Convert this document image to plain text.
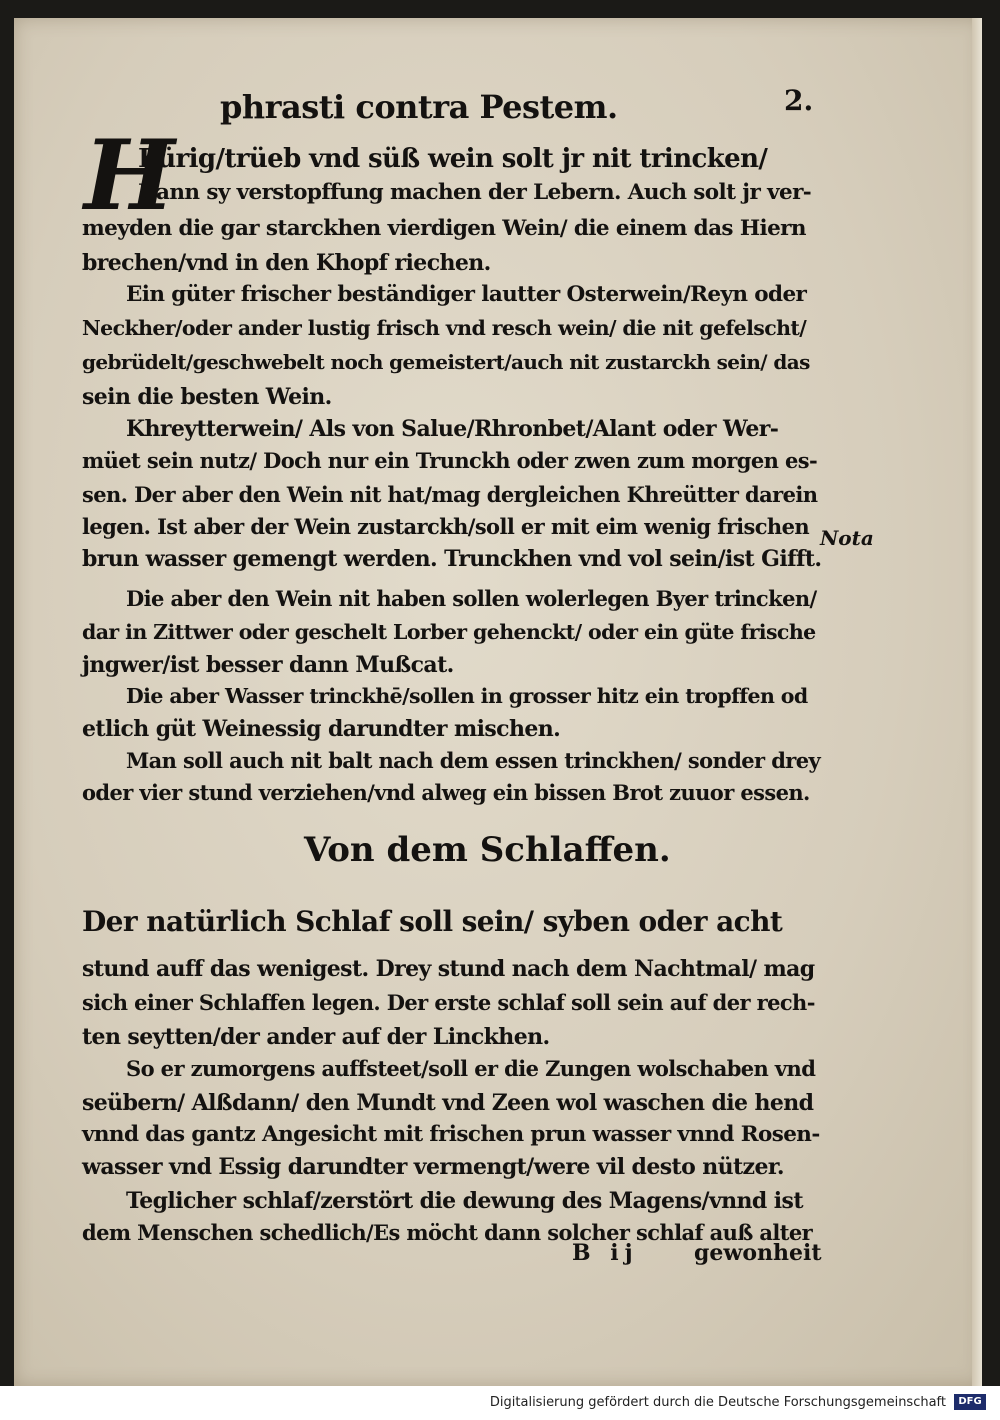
phrasti contra Pestem.	2.
H
Eürig/trüeb vnd süß wein solt jr nit trincken/
Dann sy verstopffung machen der Lebern. Auch solt jr ver-
meyden die gar starckhen vierdigen Wein/ die einem das Hiern
brechen/vnd in den Khopf riechen.
Ein güter frischer beständiger lautter Osterwein/Reyn oder
Neckher/oder ander lustig frisch vnd resch wein/ die nit gefelscht/
gebrüdelt/geschwebelt noch gemeistert/auch nit zustarckh sein/ das
sein die besten Wein.
Khreytterwein/ Als von Salue/Rhronbet/Alant oder Wer-
müet sein nutz/ Doch nur ein Trunckh oder zwen zum morgen es-
sen. Der aber den Wein nit hat/mag dergleichen Khreütter darein
legen. Ist aber der Wein zustarckh/soll er mit eim wenig frischen
brun wasser gemengt werden. Trunckhen vnd vol sein/ist Gifft.
Die aber den Wein nit haben sollen wolerlegen Byer trincken/
dar in Zittwer oder geschelt Lorber gehenckt/ oder ein güte frische
jngwer/ist besser dann Mußcat.
Die aber Wasser trinckhē/sollen in grosser hitz ein tropffen od
etlich güt Weinessig darundter mischen.
Man soll auch nit balt nach dem essen trinckhen/ sonder drey
oder vier stund verziehen/vnd alweg ein bissen Brot zuuor essen.
Der natürlich Schlaf soll sein/ syben oder acht
stund auff das wenigest. Drey stund nach dem Nachtmal/ mag
sich einer Schlaffen legen. Der erste schlaf soll sein auf der rech-
ten seytten/der ander auf der Linckhen.
So er zumorgens auffsteet/soll er die Zungen wolschaben vnd
seübern/ Alßdann/ den Mundt vnd Zeen wol waschen die hend
vnnd das gantz Angesicht mit frischen prun wasser vnnd Rosen-
wasser vnd Essig darundter vermengt/were vil desto nützer.
Teglicher schlaf/zerstört die dewung des Magens/vnnd ist
dem Menschen schedlich/Es möcht dann solcher schlaf auß alter
Von dem Schlaffen.
Nota
B ij	gewonheit
Digitalisierung gefördert durch die Deutsche Forschungsgemeinschaft	DFG
